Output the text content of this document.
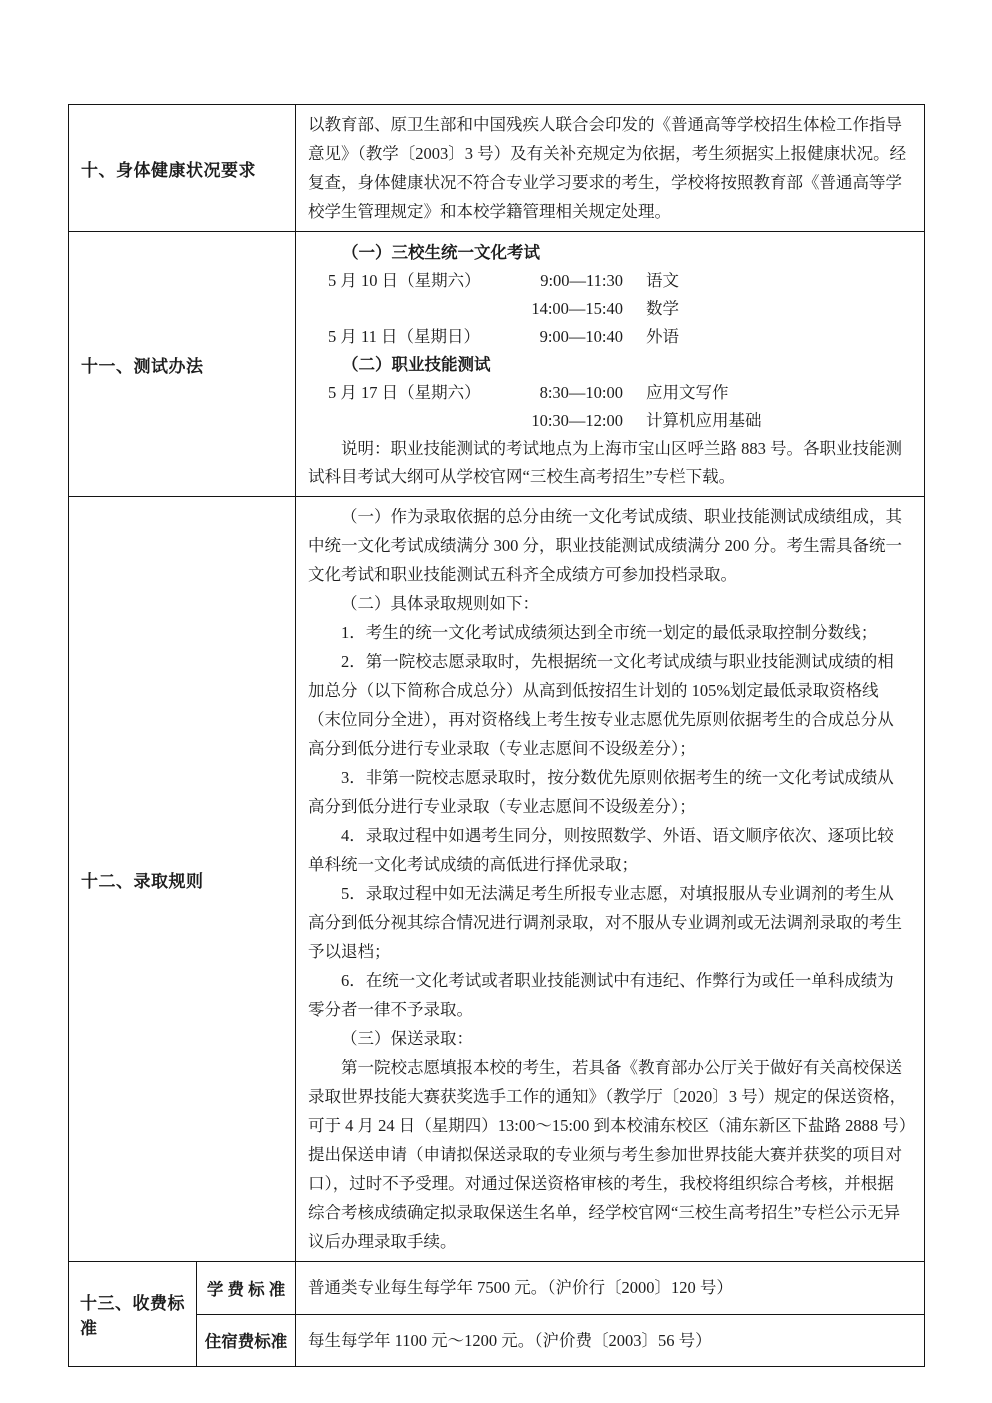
十、身体健康状况要求

以教育部、原卫生部和中国残疾人联合会印发的《普通高等学校招生体检工作指导意见》（教学〔2003〕3 号）及有关补充规定为依据，考生须据实上报健康状况。经复查，身体健康状况不符合专业学习要求的考生，学校将按照教育部《普通高等学校学生管理规定》和本校学籍管理相关规定处理。

十一、测试办法
（一）三校生统一文化考试
5 月 10 日（星期六）	9:00—11:30 语文
14:00—15:40 数学
5 月 11 日（星期日）	9:00—10:40 外语
（二）职业技能测试
5 月 17 日（星期六）	8:30—10:00 应用文写作
10:30—12:00 计算机应用基础

说明：职业技能测试的考试地点为上海市宝山区呼兰路 883 号。各职业技能测试科目考试大纲可从学校官网“三校生高考招生”专栏下载。

十二、录取规则

（一）作为录取依据的总分由统一文化考试成绩、职业技能测试成绩组成，其中统一文化考试成绩满分 300 分，职业技能测试成绩满分 200 分。考生需具备统一文化考试和职业技能测试五科齐全成绩方可参加投档录取。

（二）具体录取规则如下：

1．考生的统一文化考试成绩须达到全市统一划定的最低录取控制分数线；

2．第一院校志愿录取时，先根据统一文化考试成绩与职业技能测试成绩的相加总分（以下简称合成总分）从高到低按招生计划的 105%划定最低录取资格线（末位同分全进），再对资格线上考生按专业志愿优先原则依据考生的合成总分从高分到低分进行专业录取（专业志愿间不设级差分）；

3．非第一院校志愿录取时，按分数优先原则依据考生的统一文化考试成绩从高分到低分进行专业录取（专业志愿间不设级差分）；

4．录取过程中如遇考生同分，则按照数学、外语、语文顺序依次、逐项比较单科统一文化考试成绩的高低进行择优录取；

5．录取过程中如无法满足考生所报专业志愿，对填报服从专业调剂的考生从高分到低分视其综合情况进行调剂录取，对不服从专业调剂或无法调剂录取的考生予以退档；

6．在统一文化考试或者职业技能测试中有违纪、作弊行为或任一单科成绩为零分者一律不予录取。

（三）保送录取：

第一院校志愿填报本校的考生，若具备《教育部办公厅关于做好有关高校保送录取世界技能大赛获奖选手工作的通知》（教学厅〔2020〕3 号）规定的保送资格，可于 4 月 24 日（星期四）13:00～15:00 到本校浦东校区（浦东新区下盐路 2888 号）提出保送申请（申请拟保送录取的专业须与考生参加世界技能大赛并获奖的项目对口），过时不予受理。对通过保送资格审核的考生，我校将组织综合考核，并根据综合考核成绩确定拟录取保送生名单，经学校官网“三校生高考招生”专栏公示无异议后办理录取手续。

十三、收费标准
学 费 标 准	普通类专业每生每学年 7500 元。（沪价行〔2000〕120 号）
住宿费标准	每生每学年 1100 元～1200 元。（沪价费〔2003〕56 号）
